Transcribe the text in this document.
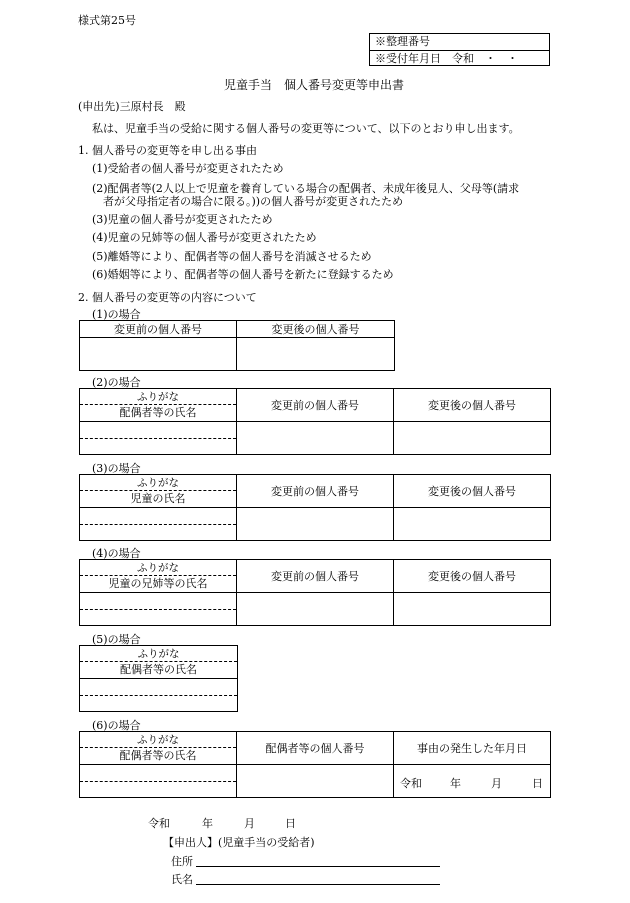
様式第25号
※整理番号
※受付年月日　令和　・　・
児童手当　個人番号変更等申出書
(申出先)三原村長　殿
私は、児童手当の受給に関する個人番号の変更等について、以下のとおり申し出ます。
1. 個人番号の変更等を申し出る事由
(1)受給者の個人番号が変更されたため
(2)配偶者等(2人以上で児童を養育している場合の配偶者、未成年後見人、父母等(請求
者が父母指定者の場合に限る。))の個人番号が変更されたため
(3)児童の個人番号が変更されたため
(4)児童の兄姉等の個人番号が変更されたため
(5)離婚等により、配偶者等の個人番号を消滅させるため
(6)婚姻等により、配偶者等の個人番号を新たに登録するため
2. 個人番号の変更等の内容について
(1)の場合
変更前の個人番号	変更後の個人番号

(2)の場合
ふりがな
配偶者等の氏名	変更前の個人番号	変更後の個人番号

(3)の場合
ふりがな
児童の氏名	変更前の個人番号	変更後の個人番号

(4)の場合
ふりがな
児童の兄姉等の氏名	変更前の個人番号	変更後の個人番号

(5)の場合
ふりがな
配偶者等の氏名

(6)の場合
ふりがな
配偶者等の氏名	配偶者等の個人番号	事由の発生した年月日

		令和 年 月 日
令和	年	月	日
【申出人】(児童手当の受給者)
住所
氏名
